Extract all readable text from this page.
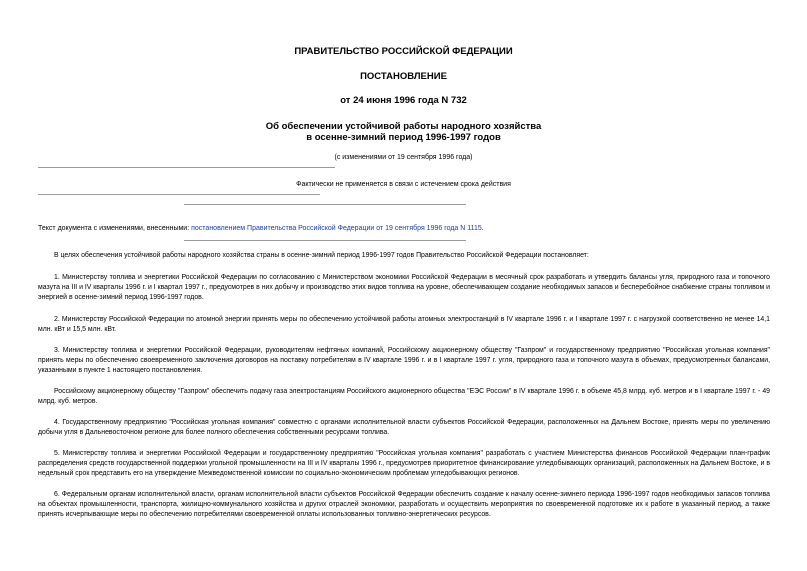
ПРАВИТЕЛЬСТВО РОССИЙСКОЙ ФЕДЕРАЦИИ
ПОСТАНОВЛЕНИЕ
от 24 июня 1996 года N 732
Об обеспечении устойчивой работы народного хозяйства
в осенне-зимний период 1996-1997 годов
(с изменениями от 19 сентября 1996 года)
Фактически не применяется в связи с истечением срока действия
Текст документа с изменениями, внесенными: постановлением Правительства Российской Федерации от 19 сентября 1996 года N 1115.
В целях обеспечения устойчивой работы народного хозяйства страны в осенне-зимний период 1996-1997 годов Правительство Российской Федерации постановляет:
1. Министерству топлива и энергетики Российской Федерации по согласованию с Министерством экономики Российской Федерации в месячный срок разработать и утвердить балансы угля, природного газа и топочного мазута на III и IV кварталы 1996 г. и I квартал 1997 г., предусмотрев в них добычу и производство этих видов топлива на уровне, обеспечивающем создание необходимых запасов и бесперебойное снабжение страны топливом и энергией в осенне-зимний период 1996-1997 годов.
2. Министерству Российской Федерации по атомной энергии принять меры по обеспечению устойчивой работы атомных электростанций в IV квартале 1996 г. и I квартале 1997 г. с нагрузкой соответственно не менее 14,1 млн. кВт и 15,5 млн. кВт.
3. Министерству топлива и энергетики Российской Федерации, руководителям нефтяных компаний, Российскому акционерному обществу "Газпром" и государственному предприятию "Российская угольная компания" принять меры по обеспечению своевременного заключения договоров на поставку потребителям в IV квартале 1996 г. и в I квартале 1997 г. угля, природного газа и топочного мазута в объемах, предусмотренных балансами, указанными в пункте 1 настоящего постановления.
Российскому акционерному обществу "Газпром" обеспечить подачу газа электростанциям Российского акционерного общества "ЕЭС России" в IV квартале 1996 г. в объеме 45,8 млрд. куб. метров и в I квартале 1997 г. - 49 млрд. куб. метров.
4. Государственному предприятию "Российская угольная компания" совместно с органами исполнительной власти субъектов Российской Федерации, расположенных на Дальнем Востоке, принять меры по увеличению добычи угля в Дальневосточном регионе для более полного обеспечения собственными ресурсами топлива.
5. Министерству топлива и энергетики Российской Федерации и государственному предприятию "Российская угольная компания" разработать с участием Министерства финансов Российской Федерации план-график распределения средств государственной поддержки угольной промышленности на III и IV кварталы 1996 г., предусмотрев приоритетное финансирование угледобывающих организаций, расположенных на Дальнем Востоке, и в недельный срок представить его на утверждение Межведомственной комиссии по социально-экономическим проблемам угледобывающих регионов.
6. Федеральным органам исполнительной власти, органам исполнительной власти субъектов Российской Федерации обеспечить создание к началу осенне-зимнего периода 1996-1997 годов необходимых запасов топлива на объектах промышленности, транспорта, жилищно-коммунального хозяйства и других отраслей экономики, разработать и осуществить мероприятия по своевременной подготовке их к работе в указанный период, а также принять исчерпывающие меры по обеспечению потребителями своевременной оплаты использованных топливно-энергетических ресурсов.
